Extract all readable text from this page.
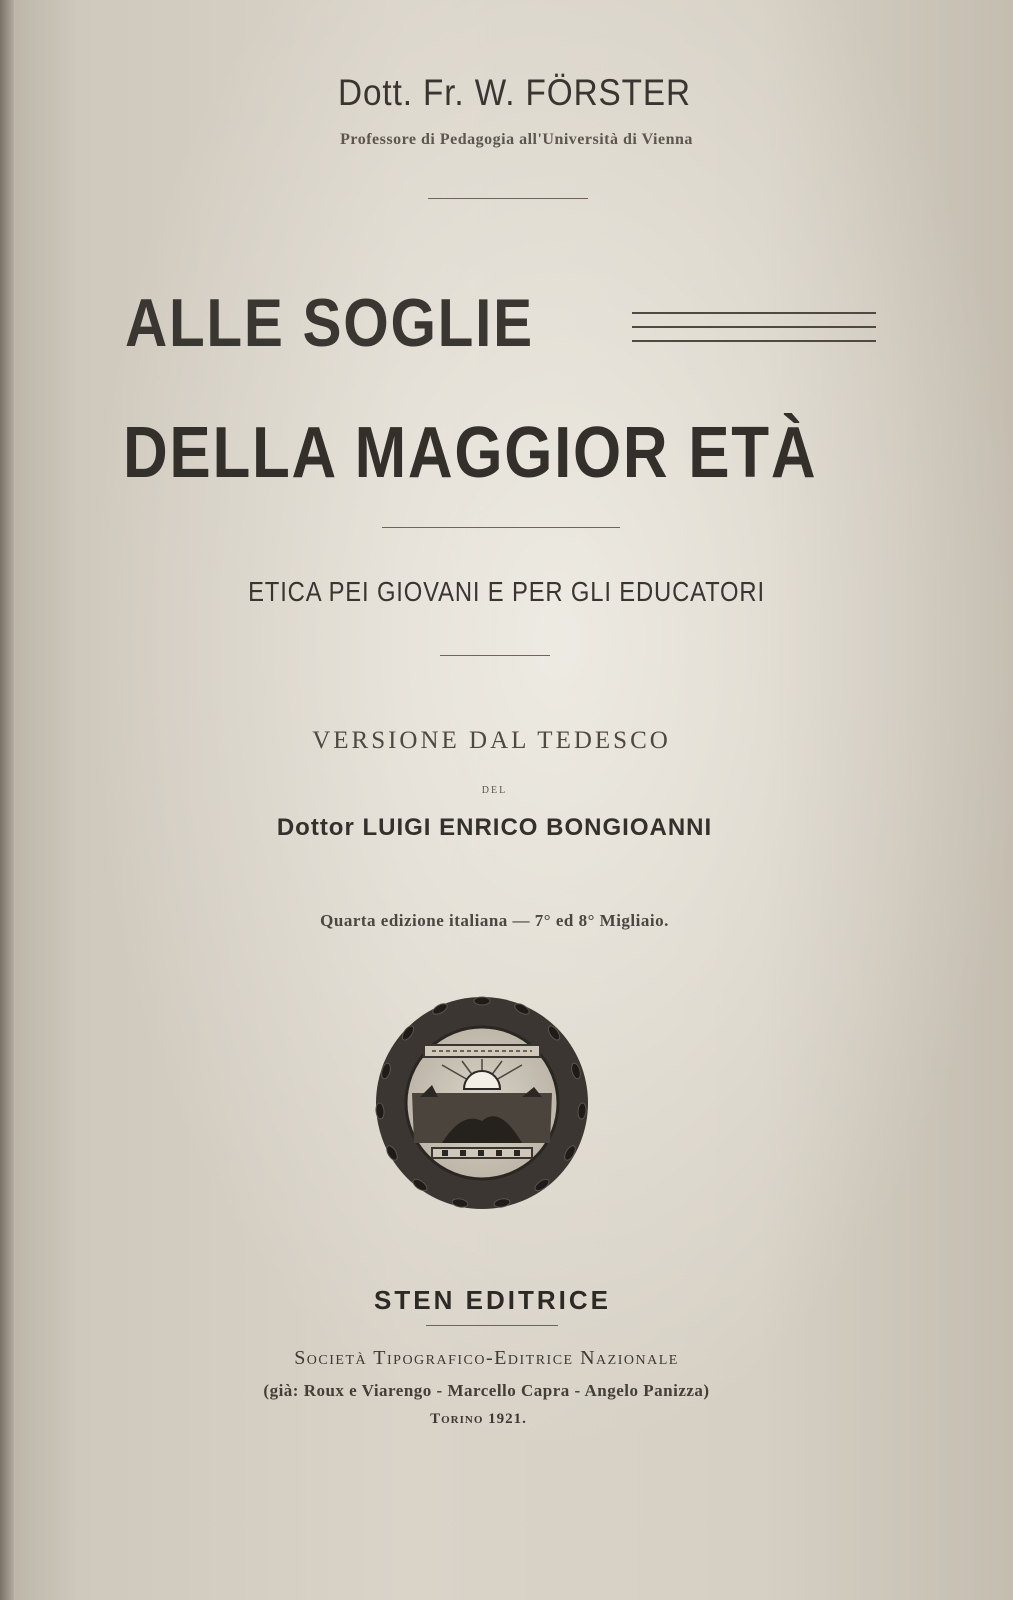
Dott. Fr. W. FÖRSTER
Professore di Pedagogia all'Università di Vienna
ALLE SOGLIE
DELLA MAGGIOR ETÀ
ETICA PEI GIOVANI E PER GLI EDUCATORI
VERSIONE DAL TEDESCO
DEL
Dottor LUIGI ENRICO BONGIOANNI
Quarta edizione italiana — 7° ed 8° Migliaio.
STEN EDITRICE
Società Tipografico-Editrice Nazionale
(già: Roux e Viarengo - Marcello Capra - Angelo Panizza)
Torino 1921.
